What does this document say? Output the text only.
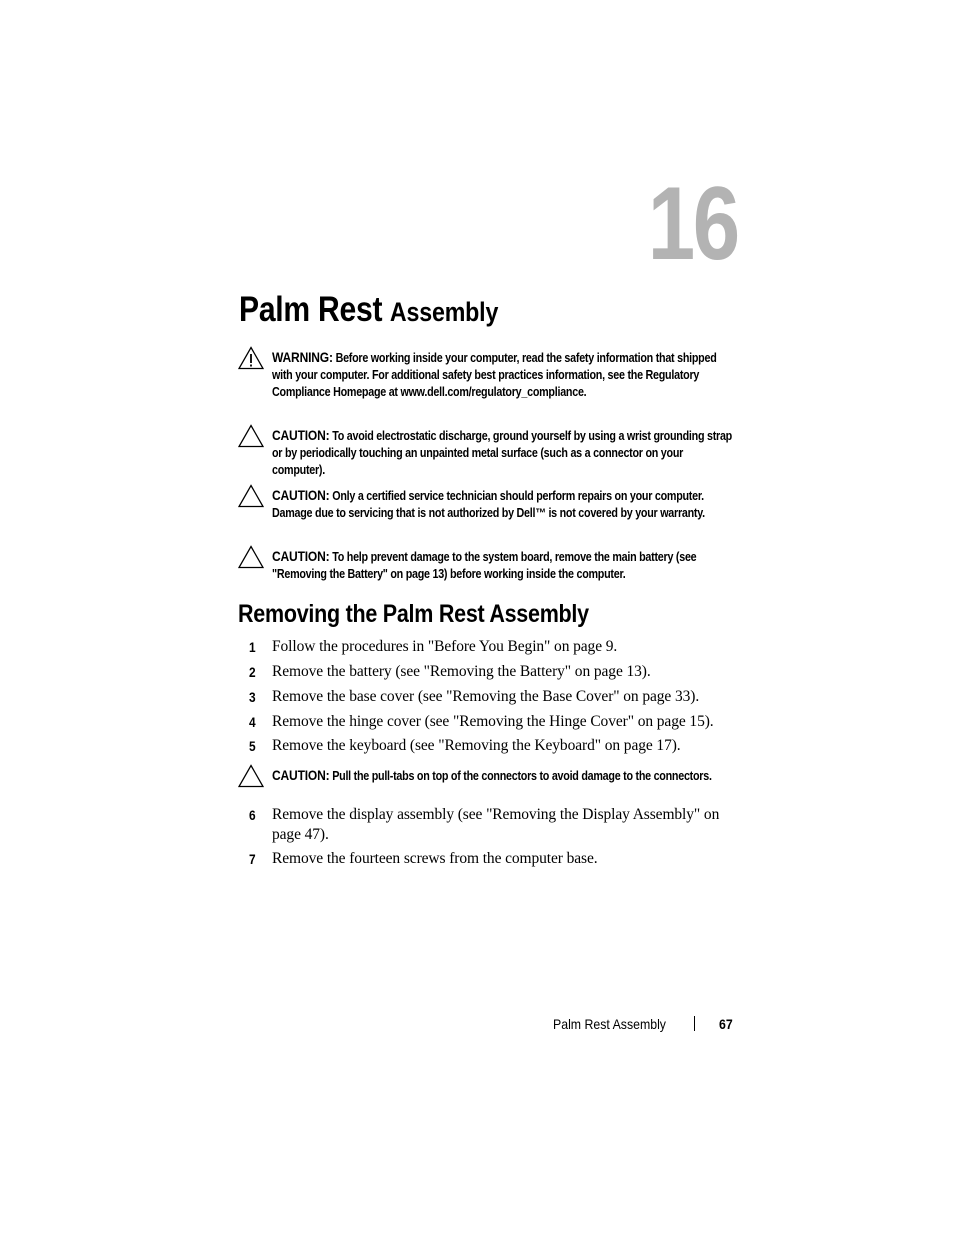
16
Palm Rest Assembly

WARNING: Before working inside your computer, read the safety information that shipped with your computer. For additional safety best practices information, see the Regulatory Compliance Homepage at www.dell.com/regulatory_compliance.

CAUTION: To avoid electrostatic discharge, ground yourself by using a wrist grounding strap or by periodically touching an unpainted metal surface (such as a connector on your computer).

CAUTION: Only a certified service technician should perform repairs on your computer. Damage due to servicing that is not authorized by Dell™ is not covered by your warranty.

CAUTION: To help prevent damage to the system board, remove the main battery (see "Removing the Battery" on page 13) before working inside the computer.

Removing the Palm Rest Assembly
1 Follow the procedures in "Before You Begin" on page 9.

2 Remove the battery (see "Removing the Battery" on page 13).

3 Remove the base cover (see "Removing the Base Cover" on page 33).

4 Remove the hinge cover (see "Removing the Hinge Cover" on page 15).

5 Remove the keyboard (see "Removing the Keyboard" on page 17).

CAUTION: Pull the pull-tabs on top of the connectors to avoid damage to the connectors.

6 Remove the display assembly (see "Removing the Display Assembly" on page 47).

7 Remove the fourteen screws from the computer base.

Palm Rest Assembly	67
